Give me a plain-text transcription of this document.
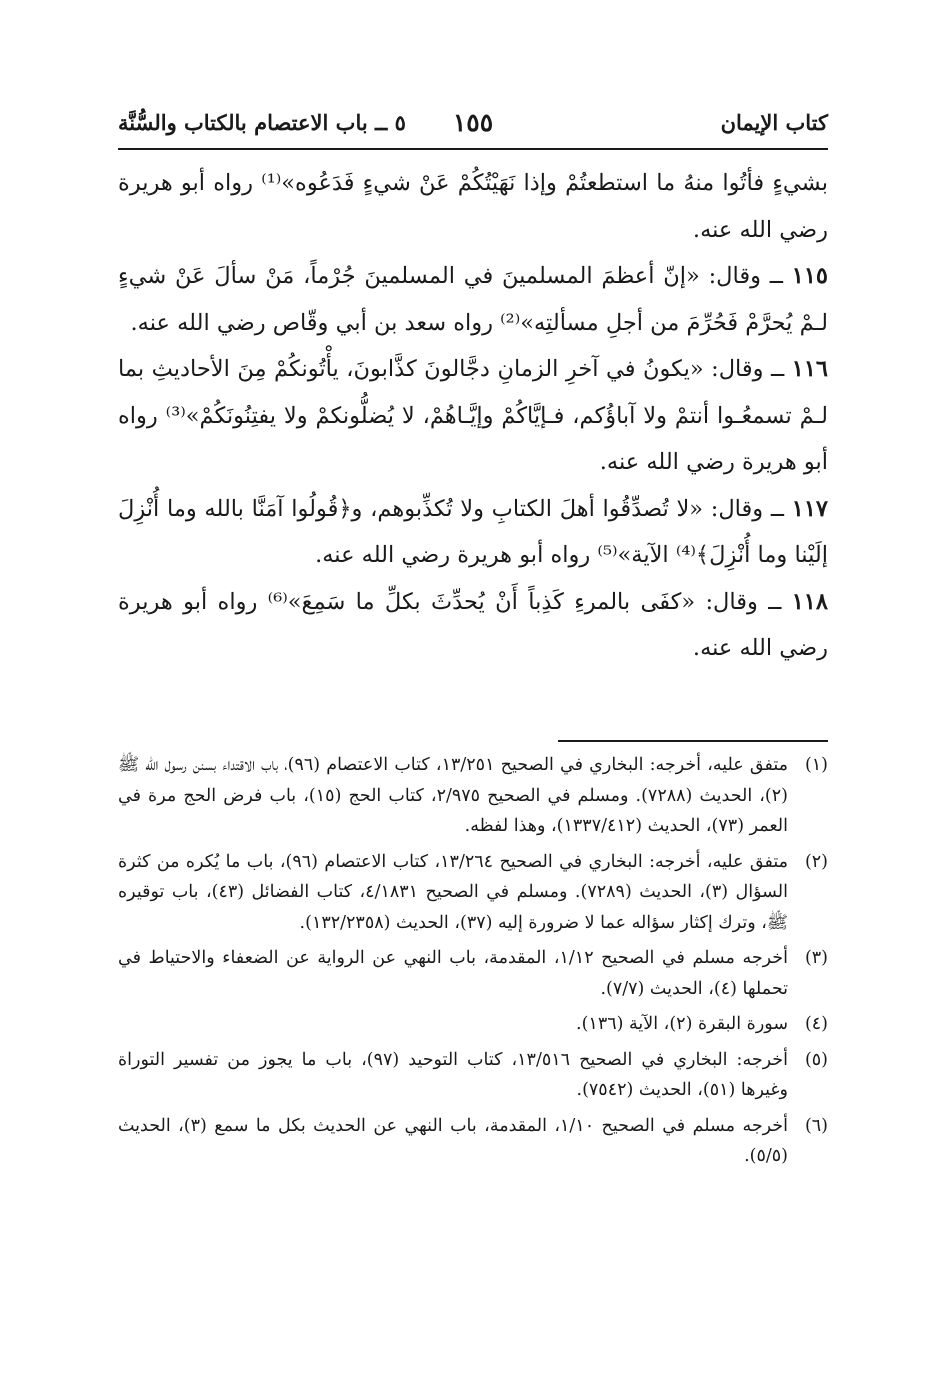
كتاب الإيمان
١٥٥
٥ ــ باب الاعتصام بالكتاب والسُّنَّة

بشيءٍ فأتُوا منهُ ما استطعتُمْ وإذا نَهَيْتُكُمْ عَنْ شيءٍ فَدَعُوه»⁽¹⁾ رواه أبو هريرة رضي الله عنه.

١١٥ ــ وقال: «إنّ أعظمَ المسلمينَ في المسلمينَ جُرْماً، مَنْ سألَ عَنْ شيءٍ لـمْ يُحرَّمْ فَحُرِّمَ من أجلِ مسألتِه»⁽²⁾ رواه سعد بن أبي وقّاص رضي الله عنه.

١١٦ ــ وقال: «يكونُ في آخرِ الزمانِ دجَّالونَ كذَّابونَ، يأْتُونكُمْ مِنَ الأحاديثِ بما لـمْ تسمعُـوا أنتمْ ولا آباؤُكم، فـإيَّاكُمْ وإيَّـاهُمْ، لا يُضلُّونكمْ ولا يفتِنُونَكُمْ»⁽³⁾ رواه أبو هريرة رضي الله عنه.

١١٧ ــ وقال: «لا تُصدِّقُوا أهلَ الكتابِ ولا تُكذِّبوهم، و﴿قُولُوا آمَنَّا بالله وما أُنْزِلَ إلَيْنا وما أُنْزِلَ﴾⁽⁴⁾ الآية»⁽⁵⁾ رواه أبو هريرة رضي الله عنه.

١١٨ ــ وقال: «كفَى بالمرءِ كَذِباً أَنْ يُحدِّثَ بكلِّ ما سَمِعَ»⁽⁶⁾ رواه أبو هريرة رضي الله عنه.

(١)
متفق عليه، أخرجه: البخاري في الصحيح ١٣/٢٥١، كتاب الاعتصام (٩٦)، باب الاقتداء بسنن رسول الله ﷺ (٢)، الحديث (٧٢٨٨). ومسلم في الصحيح ٢/٩٧٥، كتاب الحج (١٥)، باب فرض الحج مرة في العمر (٧٣)، الحديث (١٣٣٧/٤١٢)، وهذا لفظه.
(٢)
متفق عليه، أخرجه: البخاري في الصحيح ١٣/٢٦٤، كتاب الاعتصام (٩٦)، باب ما يُكره من كثرة السؤال (٣)، الحديث (٧٢٨٩). ومسلم في الصحيح ٤/١٨٣١، كتاب الفضائل (٤٣)، باب توقيره ﷺ، وترك إكثار سؤاله عما لا ضرورة إليه (٣٧)، الحديث (١٣٢/٢٣٥٨).
(٣)
أخرجه مسلم في الصحيح ١/١٢، المقدمة، باب النهي عن الرواية عن الضعفاء والاحتياط في تحملها (٤)، الحديث (٧/٧).
(٤)
سورة البقرة (٢)، الآية (١٣٦).
(٥)
أخرجه: البخاري في الصحيح ١٣/٥١٦، كتاب التوحيد (٩٧)، باب ما يجوز من تفسير التوراة وغيرها (٥١)، الحديث (٧٥٤٢).
(٦)
أخرجه مسلم في الصحيح ١/١٠، المقدمة، باب النهي عن الحديث بكل ما سمع (٣)، الحديث (٥/٥).
